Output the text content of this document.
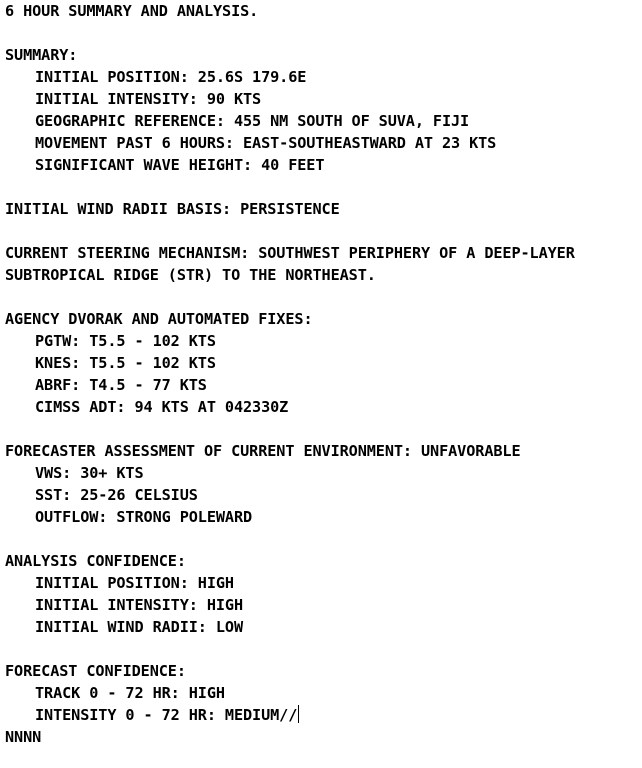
6 HOUR SUMMARY AND ANALYSIS.
SUMMARY:
INITIAL POSITION: 25.6S 179.6E
INITIAL INTENSITY: 90 KTS
GEOGRAPHIC REFERENCE: 455 NM SOUTH OF SUVA, FIJI
MOVEMENT PAST 6 HOURS: EAST-SOUTHEASTWARD AT 23 KTS
SIGNIFICANT WAVE HEIGHT: 40 FEET
INITIAL WIND RADII BASIS: PERSISTENCE
CURRENT STEERING MECHANISM: SOUTHWEST PERIPHERY OF A DEEP-LAYER
SUBTROPICAL RIDGE (STR) TO THE NORTHEAST.
AGENCY DVORAK AND AUTOMATED FIXES:
PGTW: T5.5 - 102 KTS
KNES: T5.5 - 102 KTS
ABRF: T4.5 - 77 KTS
CIMSS ADT: 94 KTS AT 042330Z
FORECASTER ASSESSMENT OF CURRENT ENVIRONMENT: UNFAVORABLE
VWS: 30+ KTS
SST: 25-26 CELSIUS
OUTFLOW: STRONG POLEWARD
ANALYSIS CONFIDENCE:
INITIAL POSITION: HIGH
INITIAL INTENSITY: HIGH
INITIAL WIND RADII: LOW
FORECAST CONFIDENCE:
TRACK 0 - 72 HR: HIGH
INTENSITY 0 - 72 HR: MEDIUM//
NNNN
